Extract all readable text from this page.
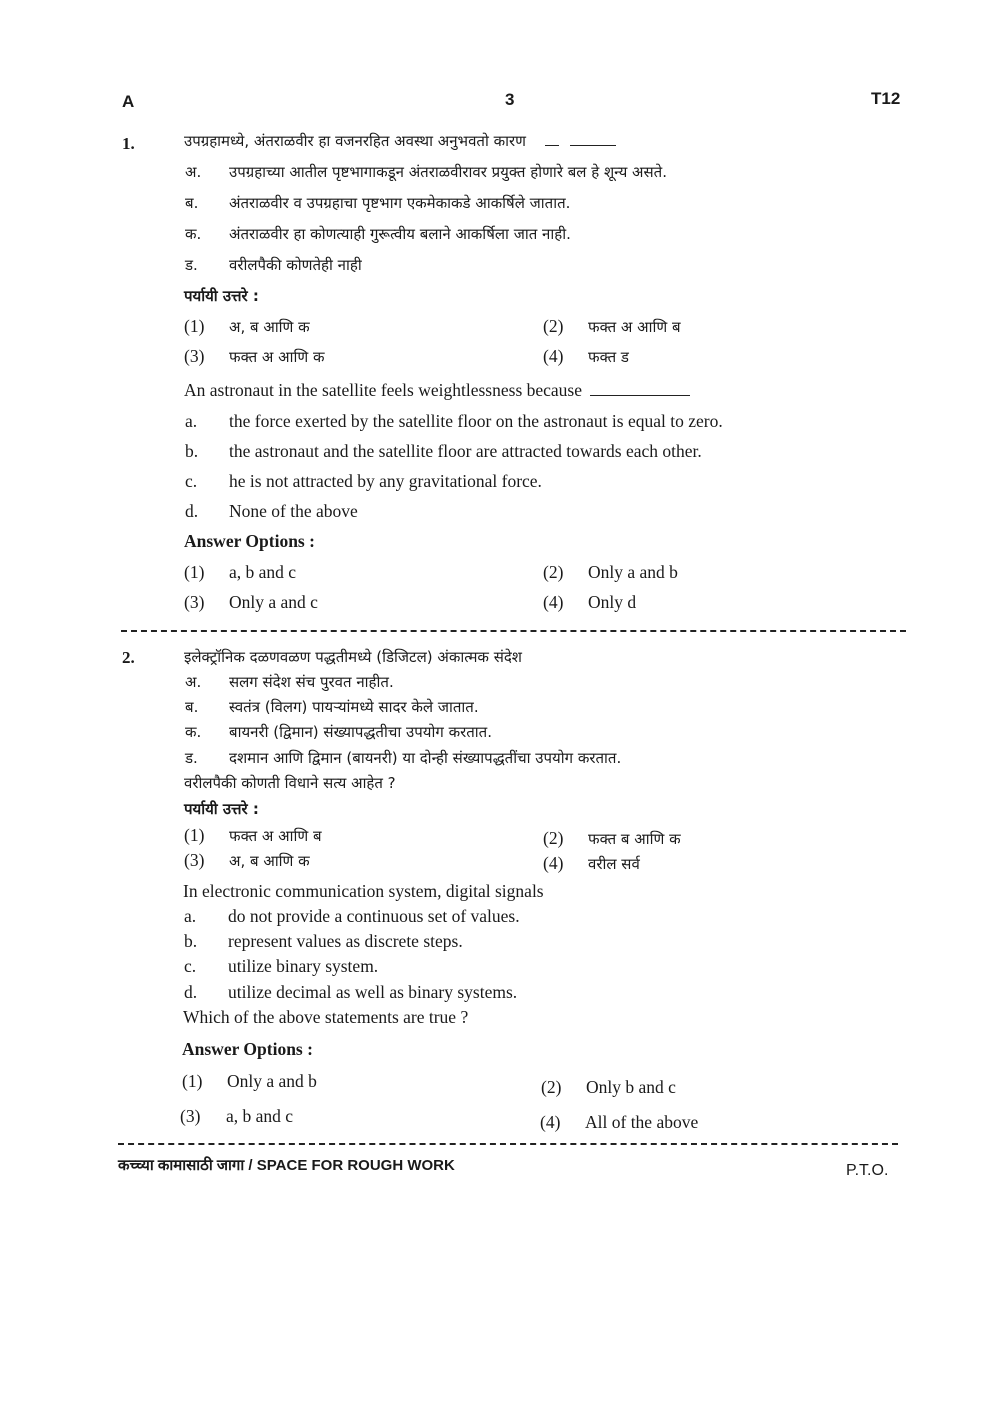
A	3	T12
1.	उपग्रहामध्ये, अंतराळवीर हा वजनरहित अवस्था अनुभवतो कारण
अ. उपग्रहाच्या आतील पृष्टभागाकडून अंतराळवीरावर प्रयुक्त होणारे बल हे शून्य असते.
ब. अंतराळवीर व उपग्रहाचा पृष्टभाग एकमेकाकडे आकर्षिले जातात.
क. अंतराळवीर हा कोणत्याही गुरूत्वीय बलाने आकर्षिला जात नाही.
ड. वरीलपैकी कोणतेही नाही
पर्यायी उत्तरे :
(1) अ, ब आणि क	(2) फक्त अ आणि ब
(3) फक्त अ आणि क	(4) फक्त ड
An astronaut in the satellite feels weightlessness because
a. the force exerted by the satellite floor on the astronaut is equal to zero.
b. the astronaut and the satellite floor are attracted towards each other.
c. he is not attracted by any gravitational force.
d. None of the above
Answer Options :
(1) a, b and c	(2) Only a and b
(3) Only a and c	(4) Only d
2.	इलेक्ट्रॉनिक दळणवळण पद्धतीमध्ये (डिजिटल) अंकात्मक संदेश
अ. सलग संदेश संच पुरवत नाहीत.
ब. स्वतंत्र (विलग) पायऱ्यांमध्ये सादर केले जातात.
क. बायनरी (द्विमान) संख्यापद्धतीचा उपयोग करतात.
ड. दशमान आणि द्विमान (बायनरी) या दोन्ही संख्यापद्धतींचा उपयोग करतात.
वरीलपैकी कोणती विधाने सत्य आहेत ?
पर्यायी उत्तरे :
(1) फक्त अ आणि ब	(2) फक्त ब आणि क
(3) अ, ब आणि क	(4) वरील सर्व
In electronic communication system, digital signals
a. do not provide a continuous set of values.
b. represent values as discrete steps.
c. utilize binary system.
d. utilize decimal as well as binary systems.
Which of the above statements are true ?
Answer Options :
(1) Only a and b	(2) Only b and c
(3) a, b and c	(4) All of the above
कच्च्या कामासाठी जागा / SPACE FOR ROUGH WORK	P.T.O.
